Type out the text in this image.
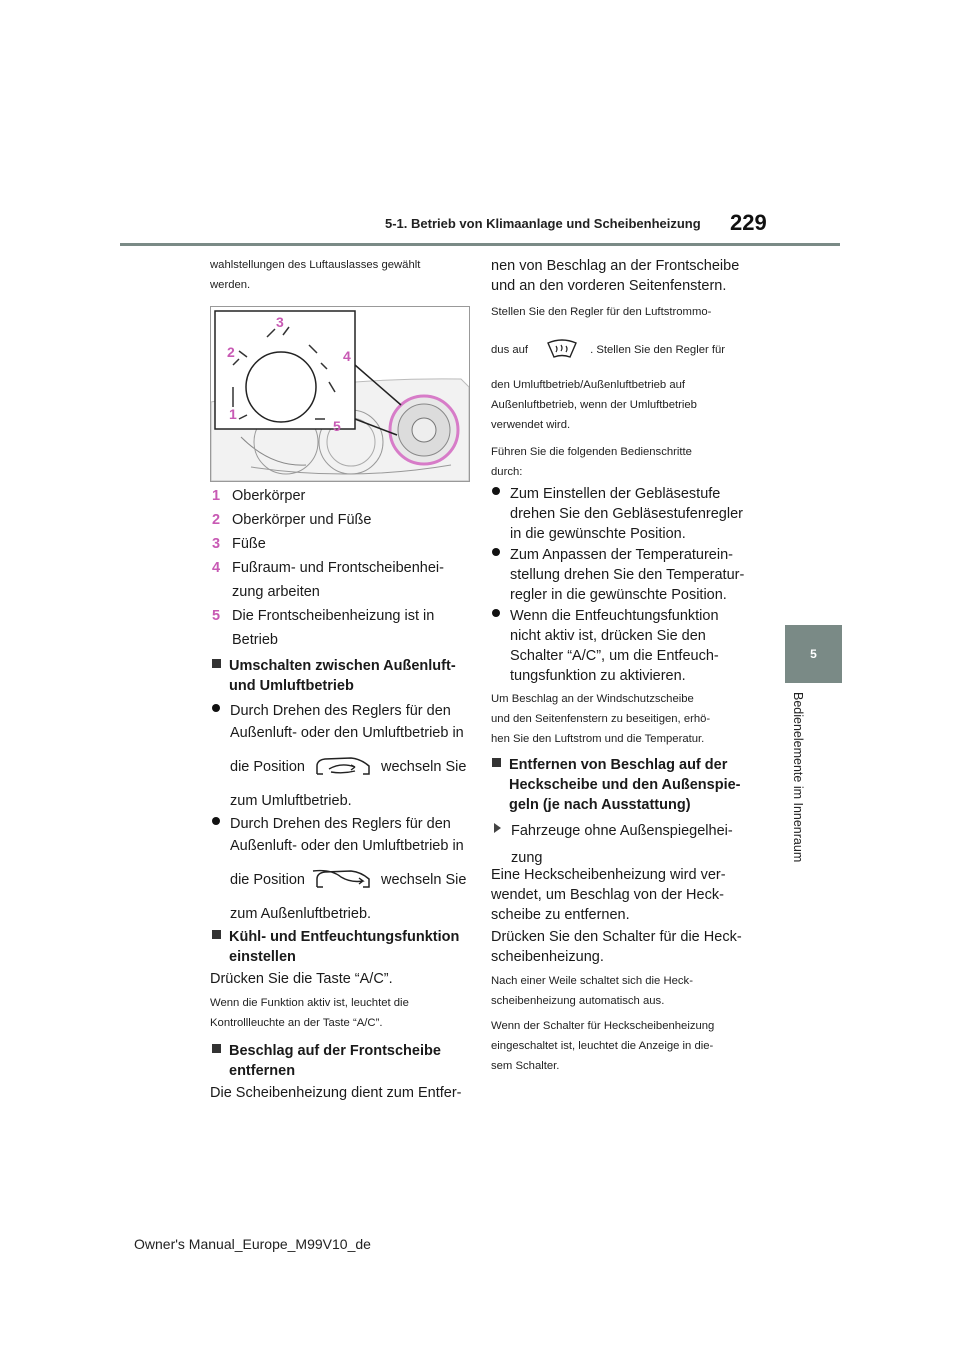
5-1. Betrieb von Klimaanlage und Scheibenheizung 229
5
Bedienelemente im Innenraum
wahlstellungen des Luftauslasses gewählt
werden.
2
3
4
1
5
1 Oberkörper
2 Oberkörper und Füße
3 Füße
4 Fußraum- und Frontscheibenhei-
zung arbeiten
5 Die Frontscheibenheizung ist in
Betrieb
Umschalten zwischen Außenluft-
und Umluftbetrieb
Durch Drehen des Reglers für den
Außenluft- oder den Umluftbetrieb in
die Position	wechseln Sie
zum Umluftbetrieb.
Durch Drehen des Reglers für den
Außenluft- oder den Umluftbetrieb in
die Position	wechseln Sie
zum Außenluftbetrieb.
Kühl- und Entfeuchtungsfunktion
einstellen
Drücken Sie die Taste “A/C”.
Wenn die Funktion aktiv ist, leuchtet die
Kontrollleuchte an der Taste “A/C”.
Beschlag auf der Frontscheibe
entfernen
Die Scheibenheizung dient zum Entfer-
nen von Beschlag an der Frontscheibe
und an den vorderen Seitenfenstern.
Stellen Sie den Regler für den Luftstrommo-
dus auf	. Stellen Sie den Regler für
den Umluftbetrieb/Außenluftbetrieb auf
Außenluftbetrieb, wenn der Umluftbetrieb
verwendet wird.
Führen Sie die folgenden Bedienschritte
durch:
Zum Einstellen der Gebläsestufe
drehen Sie den Gebläsestufenregler
in die gewünschte Position.
Zum Anpassen der Temperaturein-
stellung drehen Sie den Temperatur-
regler in die gewünschte Position.
Wenn die Entfeuchtungsfunktion
nicht aktiv ist, drücken Sie den
Schalter “A/C”, um die Entfeuch-
tungsfunktion zu aktivieren.
Um Beschlag an der Windschutzscheibe
und den Seitenfenstern zu beseitigen, erhö-
hen Sie den Luftstrom und die Temperatur.
Entfernen von Beschlag auf der
Heckscheibe und den Außenspie-
geln (je nach Ausstattung)
Fahrzeuge ohne Außenspiegelhei-
zung
Eine Heckscheibenheizung wird ver-
wendet, um Beschlag von der Heck-
scheibe zu entfernen.
Drücken Sie den Schalter für die Heck-
scheibenheizung.
Nach einer Weile schaltet sich die Heck-
scheibenheizung automatisch aus.
Wenn der Schalter für Heckscheibenheizung
eingeschaltet ist, leuchtet die Anzeige in die-
sem Schalter.
Owner's Manual_Europe_M99V10_de
